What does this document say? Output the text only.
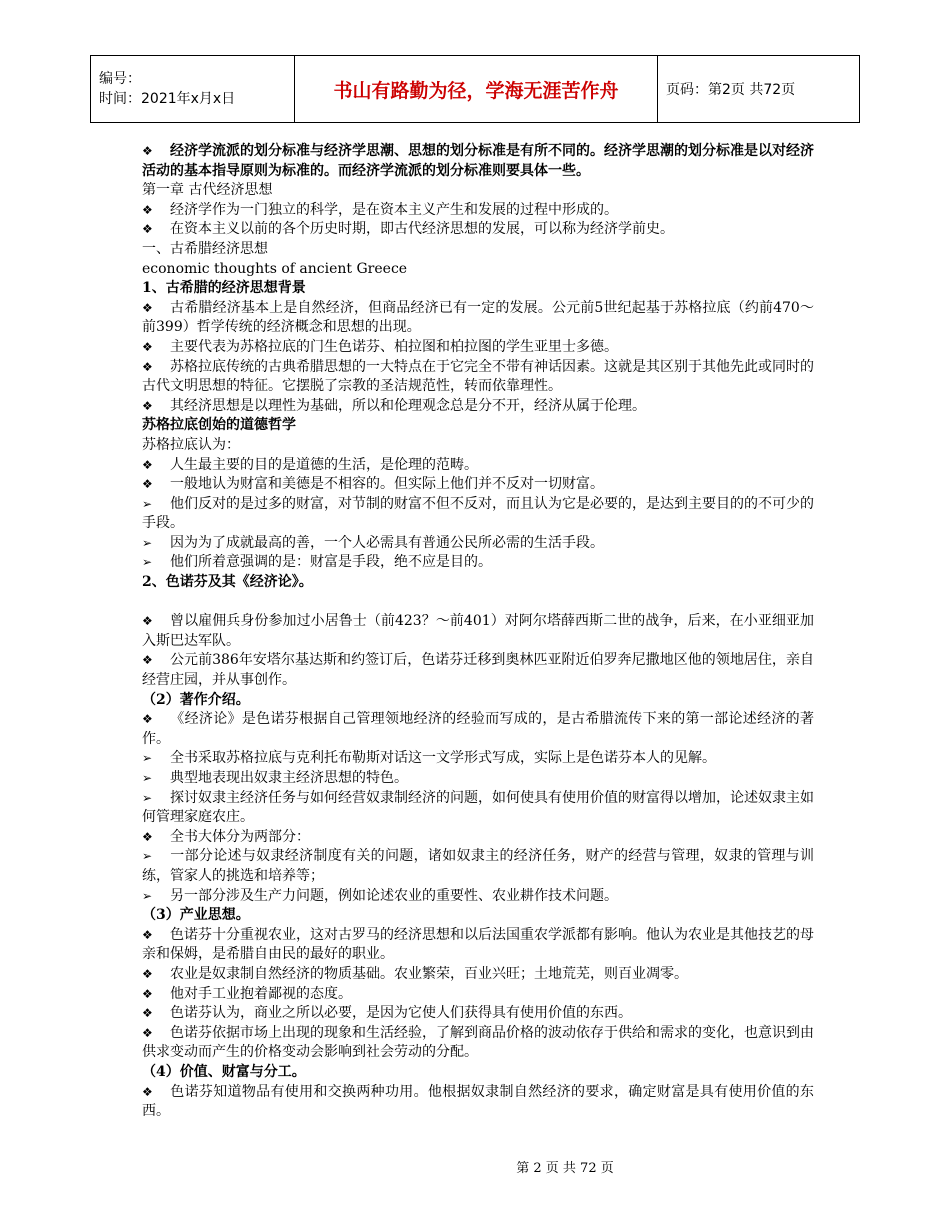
编号：
时间：2021年x月x日	书山有路勤为径，学海无涯苦作舟	页码：第2页 共72页

❖ 经济学流派的划分标准与经济学思潮、思想的划分标准是有所不同的。经济学思潮的划分标准是以对经济活动的基本指导原则为标准的。而经济学流派的划分标准则要具体一些。

第一章 古代经济思想

❖ 经济学作为一门独立的科学，是在资本主义产生和发展的过程中形成的。

❖ 在资本主义以前的各个历史时期，即古代经济思想的发展，可以称为经济学前史。

一、古希腊经济思想

economic thoughts of ancient Greece

1、古希腊的经济思想背景

❖ 古希腊经济基本上是自然经济，但商品经济已有一定的发展。公元前5世纪起基于苏格拉底（约前470～前399）哲学传统的经济概念和思想的出现。

❖ 主要代表为苏格拉底的门生色诺芬、柏拉图和柏拉图的学生亚里士多德。

❖ 苏格拉底传统的古典希腊思想的一大特点在于它完全不带有神话因素。这就是其区别于其他先此或同时的古代文明思想的特征。它摆脱了宗教的圣洁规范性，转而依靠理性。

❖ 其经济思想是以理性为基础，所以和伦理观念总是分不开，经济从属于伦理。

苏格拉底创始的道德哲学

苏格拉底认为：

❖ 人生最主要的目的是道德的生活，是伦理的范畴。

❖ 一般地认为财富和美德是不相容的。但实际上他们并不反对一切财富。

➢ 他们反对的是过多的财富，对节制的财富不但不反对，而且认为它是必要的，是达到主要目的的不可少的手段。

➢ 因为为了成就最高的善，一个人必需具有普通公民所必需的生活手段。

➢ 他们所着意强调的是：财富是手段，绝不应是目的。

2、色诺芬及其《经济论》。

❖ 曾以雇佣兵身份参加过小居鲁士（前423？～前401）对阿尔塔薛西斯二世的战争，后来，在小亚细亚加入斯巴达军队。

❖ 公元前386年安塔尔基达斯和约签订后，色诺芬迁移到奥林匹亚附近伯罗奔尼撒地区他的领地居住，亲自经营庄园，并从事创作。

（2）著作介绍。

❖ 《经济论》是色诺芬根据自己管理领地经济的经验而写成的，是古希腊流传下来的第一部论述经济的著作。

➢ 全书采取苏格拉底与克利托布勒斯对话这一文学形式写成，实际上是色诺芬本人的见解。

➢ 典型地表现出奴隶主经济思想的特色。

➢ 探讨奴隶主经济任务与如何经营奴隶制经济的问题，如何使具有使用价值的财富得以增加，论述奴隶主如何管理家庭农庄。

❖ 全书大体分为两部分：

➢ 一部分论述与奴隶经济制度有关的问题，诸如奴隶主的经济任务，财产的经营与管理，奴隶的管理与训练，管家人的挑选和培养等；

➢ 另一部分涉及生产力问题，例如论述农业的重要性、农业耕作技术问题。

（3）产业思想。

❖ 色诺芬十分重视农业，这对古罗马的经济思想和以后法国重农学派都有影响。他认为农业是其他技艺的母亲和保姆，是希腊自由民的最好的职业。

❖ 农业是奴隶制自然经济的物质基础。农业繁荣，百业兴旺；土地荒芜，则百业凋零。

❖ 他对手工业抱着鄙视的态度。

❖ 色诺芬认为，商业之所以必要，是因为它使人们获得具有使用价值的东西。

❖ 色诺芬依据市场上出现的现象和生活经验，了解到商品价格的波动依存于供给和需求的变化，也意识到由供求变动而产生的价格变动会影响到社会劳动的分配。

（4）价值、财富与分工。

❖ 色诺芬知道物品有使用和交换两种功用。他根据奴隶制自然经济的要求，确定财富是具有使用价值的东西。

第 2 页 共 72 页
